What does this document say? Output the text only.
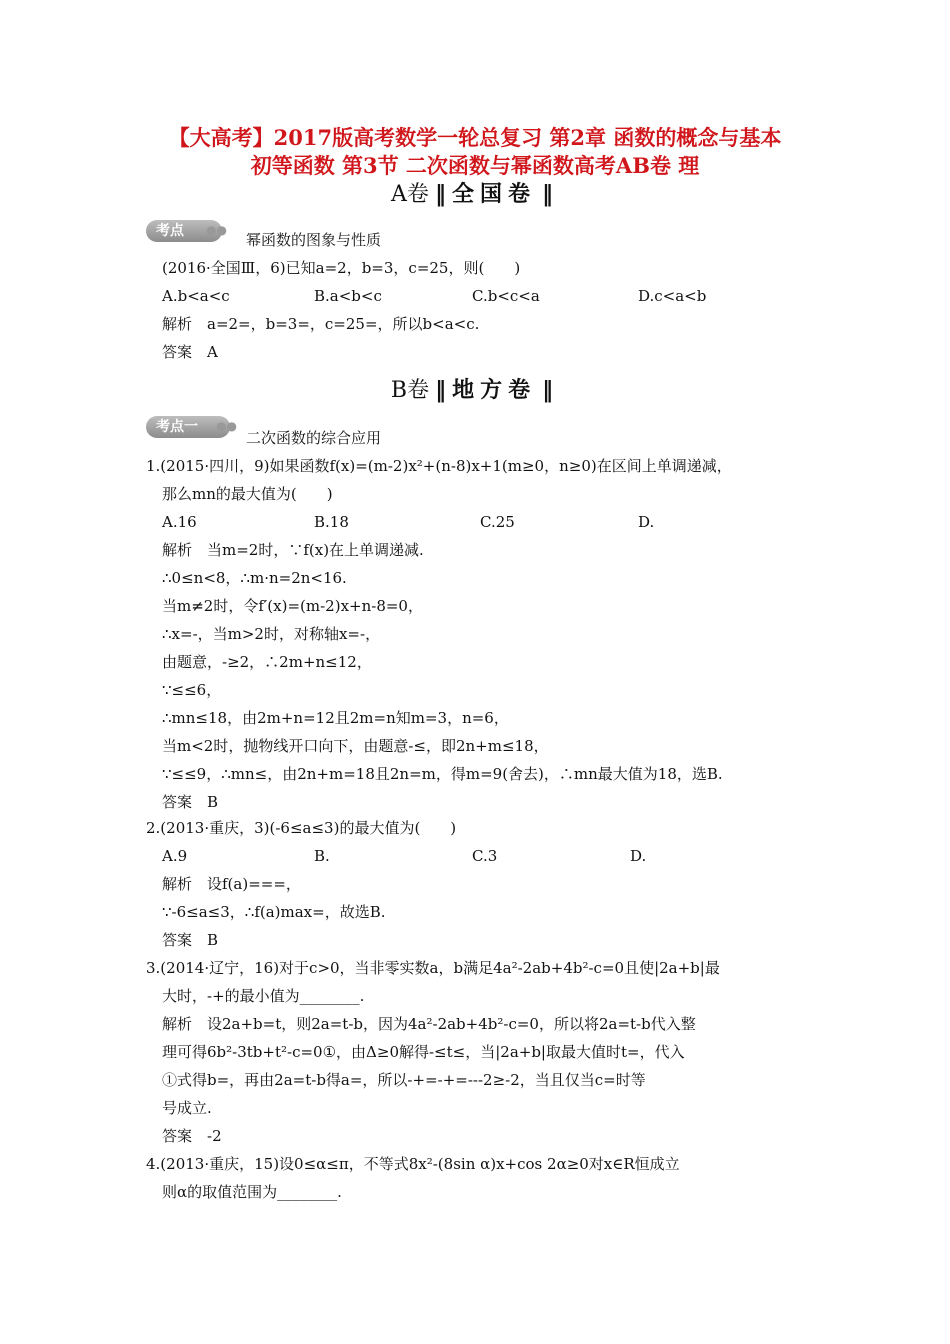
【大高考】2017版高考数学一轮总复习 第2章 函数的概念与基本
初等函数 第3节 二次函数与幂函数高考AB卷 理
A卷 ‖ 全国卷 ‖
考点	●●
幂函数的图象与性质
(2016·全国Ⅲ，6)已知a=2，b=3，c=25，则(　　)
A.b<a<c	B.a<b<c	C.b<c<a	D.c<a<b
解析　a=2=，b=3=，c=25=，所以b<a<c.
答案　A
B卷 ‖ 地方卷 ‖
考点一	●●
二次函数的综合应用
1.(2015·四川，9)如果函数f(x)=(m-2)x²+(n-8)x+1(m≥0，n≥0)在区间上单调递减，
那么mn的最大值为(　　)
A.16	B.18	C.25	D.
解析　当m=2时，∵f(x)在上单调递减.
∴0≤n<8，∴m·n=2n<16.
当m≠2时，令f′(x)=(m-2)x+n-8=0，
∴x=-，当m>2时，对称轴x=-，
由题意，-≥2，∴2m+n≤12，
∵≤≤6，
∴mn≤18，由2m+n=12且2m=n知m=3，n=6，
当m<2时，抛物线开口向下，由题意-≤，即2n+m≤18，
∵≤≤9，∴mn≤，由2n+m=18且2n=m，得m=9(舍去)，∴mn最大值为18，选B.
答案　B
2.(2013·重庆，3)(-6≤a≤3)的最大值为(　　)
A.9	B.	C.3	D.
解析　设f(a)===，
∵-6≤a≤3，∴f(a)max=，故选B.
答案　B
3.(2014·辽宁，16)对于c>0，当非零实数a，b满足4a²-2ab+4b²-c=0且使|2a+b|最
大时，-+的最小值为________.
解析　设2a+b=t，则2a=t-b，因为4a²-2ab+4b²-c=0，所以将2a=t-b代入整
理可得6b²-3tb+t²-c=0①，由Δ≥0解得-≤t≤，当|2a+b|取最大值时t=，代入
①式得b=，再由2a=t-b得a=，所以-+=-+=---2≥-2，当且仅当c=时等
号成立.
答案　-2
4.(2013·重庆，15)设0≤α≤π，不等式8x²-(8sin α)x+cos 2α≥0对x∈R恒成立
则α的取值范围为________.
